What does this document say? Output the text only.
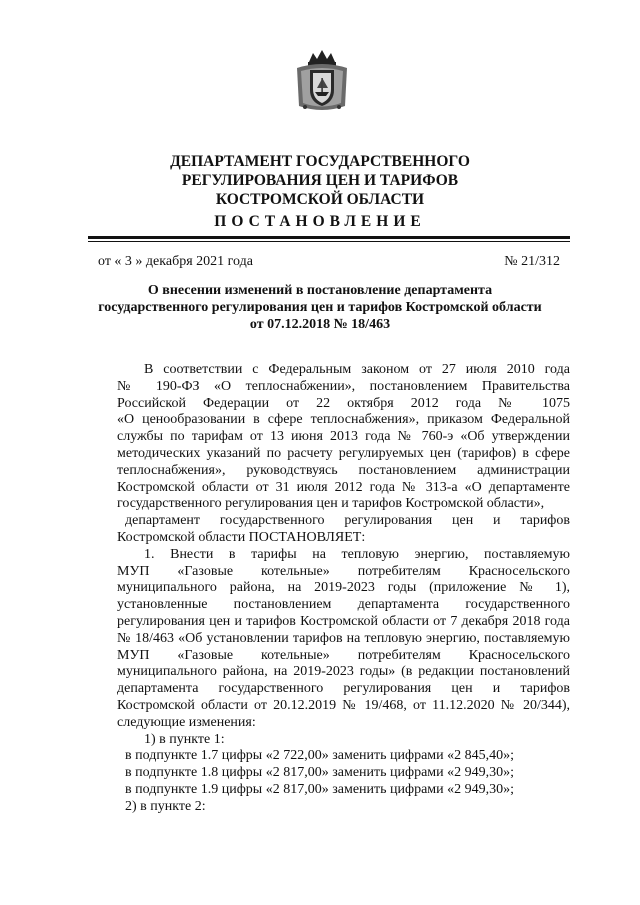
ДЕПАРТАМЕНТ ГОСУДАРСТВЕННОГО
РЕГУЛИРОВАНИЯ ЦЕН И ТАРИФОВ
КОСТРОМСКОЙ ОБЛАСТИ
ПОСТАНОВЛЕНИЕ
от « 3 » декабря 2021 года	№ 21/312
О внесении изменений в постановление департамента
государственного регулирования цен и тарифов Костромской области
от 07.12.2018 № 18/463
В соответствии с Федеральным законом от 27 июля 2010 года
№ 190-ФЗ «О теплоснабжении», постановлением Правительства
Российской Федерации от 22 октября 2012 года № 1075
«О ценообразовании в сфере теплоснабжения», приказом Федеральной
службы по тарифам от 13 июня 2013 года № 760-э «Об утверждении
методических указаний по расчету регулируемых цен (тарифов) в сфере
теплоснабжения», руководствуясь постановлением администрации
Костромской области от 31 июля 2012 года № 313-а «О департаменте
государственного регулирования цен и тарифов Костромской области»,
департамент государственного регулирования цен и тарифов
Костромской области ПОСТАНОВЛЯЕТ:
1. Внести в тарифы на тепловую энергию, поставляемую
МУП «Газовые котельные» потребителям Красносельского
муниципального района, на 2019-2023 годы (приложение № 1),
установленные постановлением департамента государственного
регулирования цен и тарифов Костромской области от 7 декабря 2018 года
№ 18/463 «Об установлении тарифов на тепловую энергию, поставляемую
МУП «Газовые котельные» потребителям Красносельского
муниципального района, на 2019-2023 годы» (в редакции постановлений
департамента государственного регулирования цен и тарифов
Костромской области от 20.12.2019 № 19/468, от 11.12.2020 № 20/344),
следующие изменения:
1) в пункте 1:
в подпункте 1.7 цифры «2 722,00» заменить цифрами «2 845,40»;
в подпункте 1.8 цифры «2 817,00» заменить цифрами «2 949,30»;
в подпункте 1.9 цифры «2 817,00» заменить цифрами «2 949,30»;
2) в пункте 2:
